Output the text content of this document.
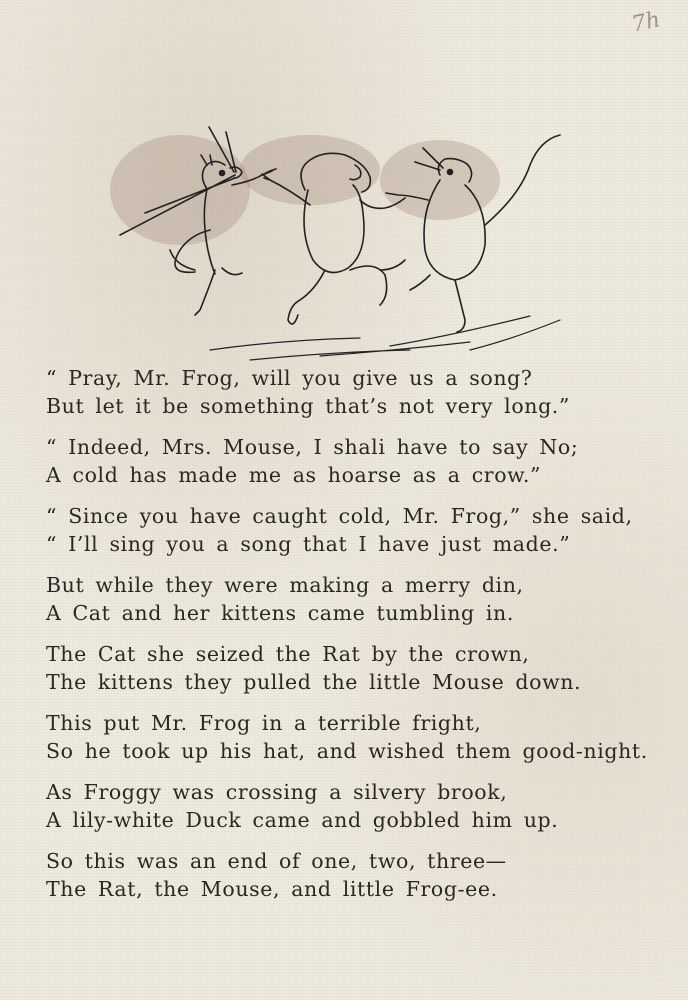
7h
“ Pray, Mr. Frog, will you give us a song?
But let it be something that’s not very long.”
“ Indeed, Mrs. Mouse, I shali have to say No;
A cold has made me as hoarse as a crow.”
“ Since you have caught cold, Mr. Frog,” she said,
“ I’ll sing you a song that I have just made.”
But while they were making a merry din,
A Cat and her kittens came tumbling in.
The Cat she seized the Rat by the crown,
The kittens they pulled the little Mouse down.
This put Mr. Frog in a terrible fright,
So he took up his hat, and wished them good-night.
As Froggy was crossing a silvery brook,
A lily-white Duck came and gobbled him up.
So this was an end of one, two, three—
The Rat, the Mouse, and little Frog-ee.
